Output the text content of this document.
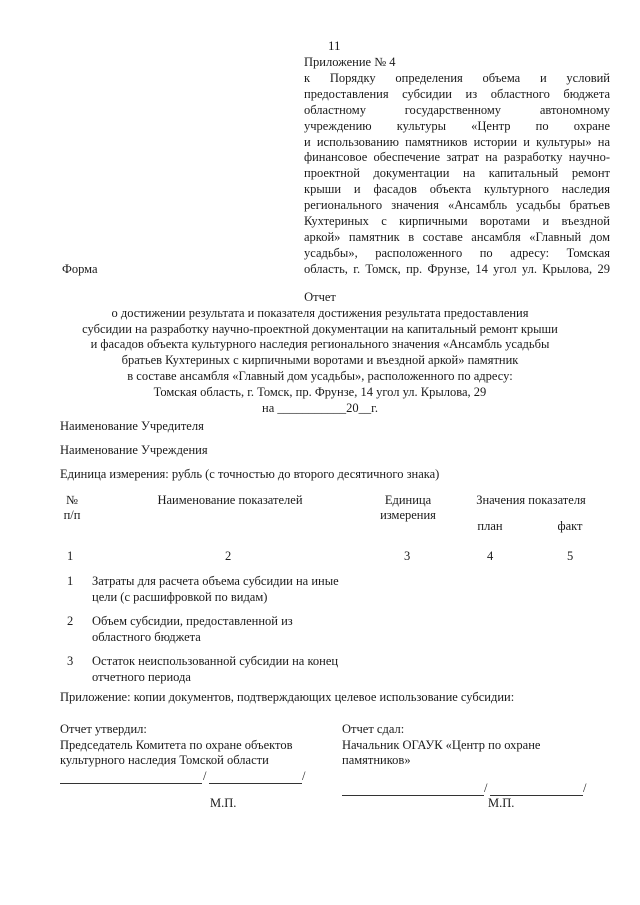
11
Приложение № 4
к Порядку определения объема и условий
предоставления субсидии из областного бюджета
областному государственному автономному
учреждению культуры «Центр по охране
и использованию памятников истории и культуры» на
финансовое обеспечение затрат на разработку научно-
проектной документации на капитальный ремонт
крыши и фасадов объекта культурного наследия
регионального значения «Ансамбль усадьбы братьев
Кухтериных с кирпичными воротами и въездной
аркой» памятник в составе ансамбля «Главный дом
усадьбы», расположенного по адресу: Томская
область, г. Томск, пр. Фрунзе, 14 угол ул. Крылова, 29
Форма
Отчет
о достижении результата и показателя достижения результата предоставления
субсидии на разработку научно-проектной документации на капитальный ремонт крыши
и фасадов объекта культурного наследия регионального значения «Ансамбль усадьбы
братьев Кухтериных с кирпичными воротами и въездной аркой» памятник
в составе ансамбля «Главный дом усадьбы», расположенного по адресу:
Томская область, г. Томск, пр. Фрунзе, 14 угол ул. Крылова, 29
на ___________20__г.
Наименование Учредителя
Наименование Учреждения
Единица измерения: рубль (с точностью до второго десятичного знака)
№
п/п
Наименование показателей	Единица
измерения
Значения показателя
план	факт
1	2	3	4	5
1 Затраты для расчета объема субсидии на иные
цели (с расшифровкой по видам)
2 Объем субсидии, предоставленной из
областного бюджета
3 Остаток неиспользованной субсидии на конец
отчетного периода
Приложение: копии документов, подтверждающих целевое использование субсидии:
Отчет утвердил:
Председатель Комитета по охране объектов
культурного наследия Томской области
/	/
М.П.
Отчет сдал:
Начальник ОГАУК «Центр по охране
памятников»
/	/
М.П.
